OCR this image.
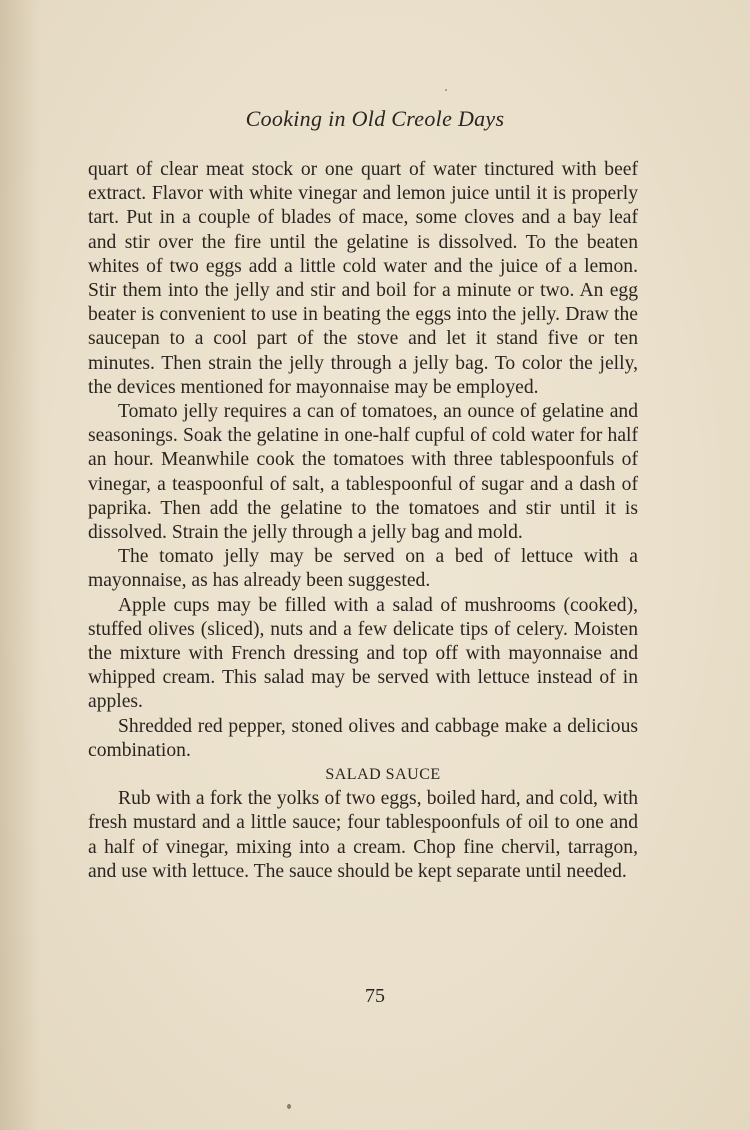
Cooking in Old Creole Days

quart of clear meat stock or one quart of water tinctured with beef extract. Flavor with white vinegar and lemon juice until it is properly tart. Put in a couple of blades of mace, some cloves and a bay leaf and stir over the fire until the gelatine is dissolved. To the beaten whites of two eggs add a little cold water and the juice of a lemon. Stir them into the jelly and stir and boil for a minute or two. An egg beater is convenient to use in beating the eggs into the jelly. Draw the saucepan to a cool part of the stove and let it stand five or ten minutes. Then strain the jelly through a jelly bag. To color the jelly, the devices mentioned for mayonnaise may be employed.

Tomato jelly requires a can of tomatoes, an ounce of gelatine and seasonings. Soak the gelatine in one-half cupful of cold water for half an hour. Meanwhile cook the tomatoes with three tablespoonfuls of vinegar, a teaspoonful of salt, a tablespoonful of sugar and a dash of paprika. Then add the gelatine to the tomatoes and stir until it is dissolved. Strain the jelly through a jelly bag and mold.

The tomato jelly may be served on a bed of lettuce with a mayonnaise, as has already been suggested.

Apple cups may be filled with a salad of mushrooms (cooked), stuffed olives (sliced), nuts and a few delicate tips of celery. Moisten the mixture with French dressing and top off with mayonnaise and whipped cream. This salad may be served with lettuce instead of in apples.

Shredded red pepper, stoned olives and cabbage make a delicious combination.

SALAD SAUCE

Rub with a fork the yolks of two eggs, boiled hard, and cold, with fresh mustard and a little sauce; four tablespoonfuls of oil to one and a half of vinegar, mixing into a cream. Chop fine chervil, tarragon, and use with lettuce. The sauce should be kept separate until needed.

75
